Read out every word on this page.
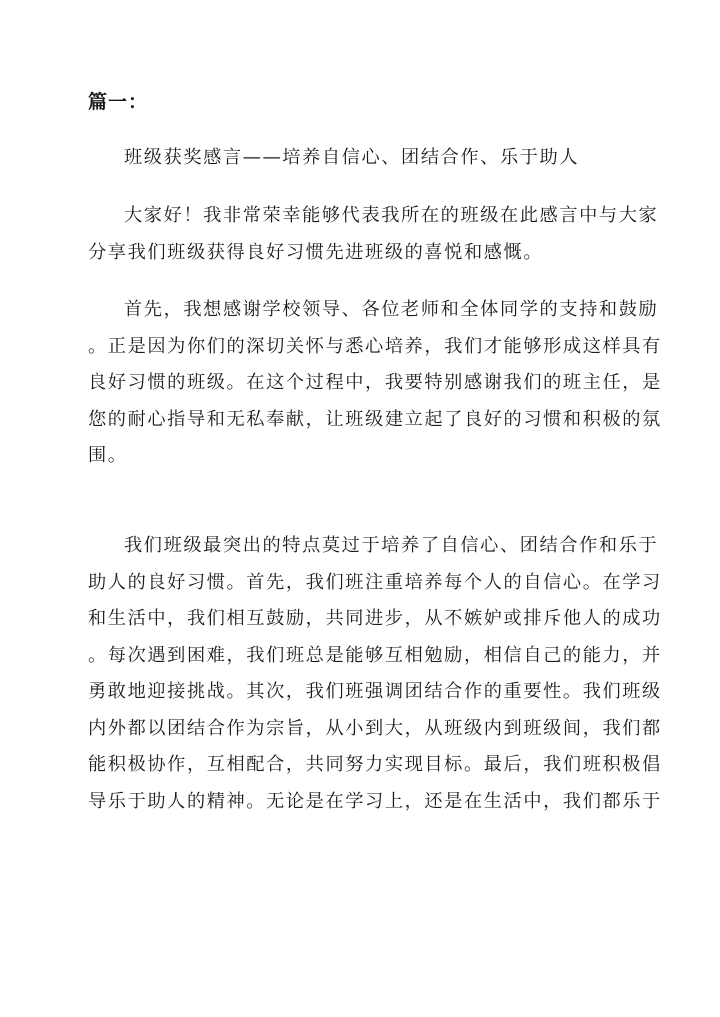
篇一：
班级获奖感言——培养自信心、团结合作、乐于助人
大家好！我非常荣幸能够代表我所在的班级在此感言中与大家
分享我们班级获得良好习惯先进班级的喜悦和感慨。
首先，我想感谢学校领导、各位老师和全体同学的支持和鼓励
。正是因为你们的深切关怀与悉心培养，我们才能够形成这样具有
良好习惯的班级。在这个过程中，我要特别感谢我们的班主任，是
您的耐心指导和无私奉献，让班级建立起了良好的习惯和积极的氛
围。
我们班级最突出的特点莫过于培养了自信心、团结合作和乐于
助人的良好习惯。首先，我们班注重培养每个人的自信心。在学习
和生活中，我们相互鼓励，共同进步，从不嫉妒或排斥他人的成功
。每次遇到困难，我们班总是能够互相勉励，相信自己的能力，并
勇敢地迎接挑战。其次，我们班强调团结合作的重要性。我们班级
内外都以团结合作为宗旨，从小到大，从班级内到班级间，我们都
能积极协作，互相配合，共同努力实现目标。最后，我们班积极倡
导乐于助人的精神。无论是在学习上，还是在生活中，我们都乐于
